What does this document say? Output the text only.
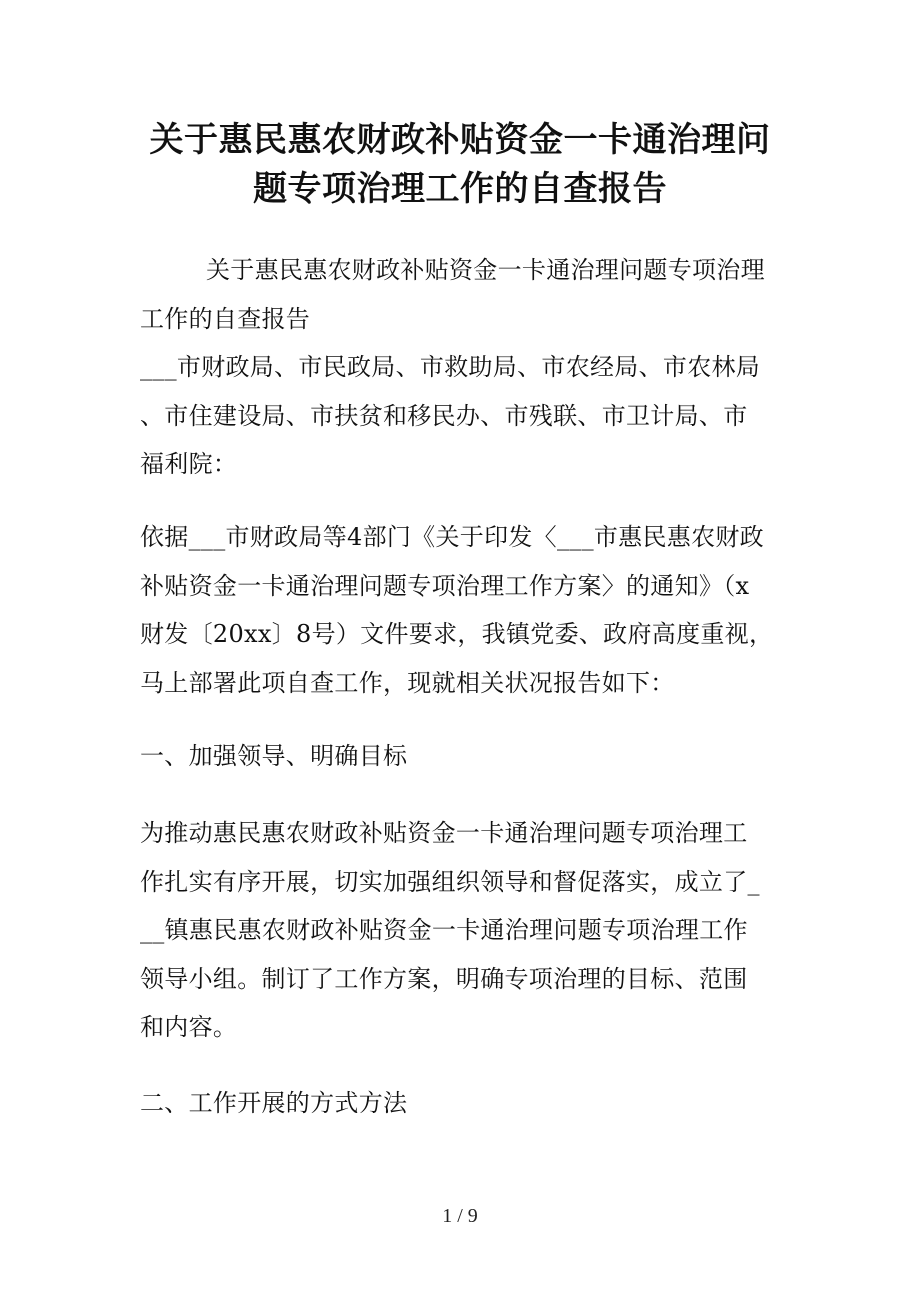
关于惠民惠农财政补贴资金一卡通治理问
题专项治理工作的自查报告
关于惠民惠农财政补贴资金一卡通治理问题专项治理
工作的自查报告
___市财政局、市民政局、市救助局、市农经局、市农林局
、市住建设局、市扶贫和移民办、市残联、市卫计局、市
福利院：
依据___市财政局等4部门《关于印发〈___市惠民惠农财政
补贴资金一卡通治理问题专项治理工作方案〉的通知》（x
财发〔20xx〕8号）文件要求，我镇党委、政府高度重视，
马上部署此项自查工作，现就相关状况报告如下：
一、加强领导、明确目标
为推动惠民惠农财政补贴资金一卡通治理问题专项治理工
作扎实有序开展，切实加强组织领导和督促落实，成立了_
__镇惠民惠农财政补贴资金一卡通治理问题专项治理工作
领导小组。制订了工作方案，明确专项治理的目标、范围
和内容。
二、工作开展的方式方法
1 / 9
